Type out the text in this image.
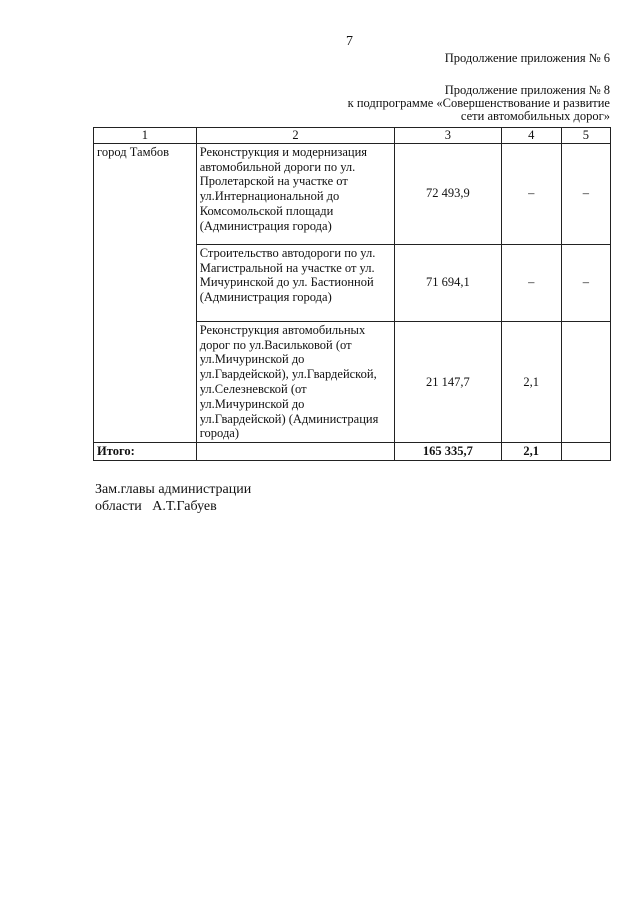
7
Продолжение приложения № 6
Продолжение приложения № 8
к подпрограмме «Совершенствование и развитие
сети автомобильных дорог»
1	2	3	4	5
город Тамбов	Реконструкция и модернизация автомобильной дороги по ул. Пролетарской на участке от ул.Интернациональной до Комсомольской площади (Администрация города)	72 493,9	–	–
	Строительство автодороги по ул. Магистральной на участке от ул. Мичуринской до ул. Бастионной (Администрация города)	71 694,1	–	–
	Реконструкция автомобильных дорог по ул.Васильковой (от ул.Мичуринской до ул.Гвардейской), ул.Гвардейской, ул.Селезневской (от ул.Мичуринской до ул.Гвардейской) (Администрация города)	21 147,7	2,1	
Итого:		165 335,7	2,1	
Зам.главы администрации
области   А.Т.Габуев
